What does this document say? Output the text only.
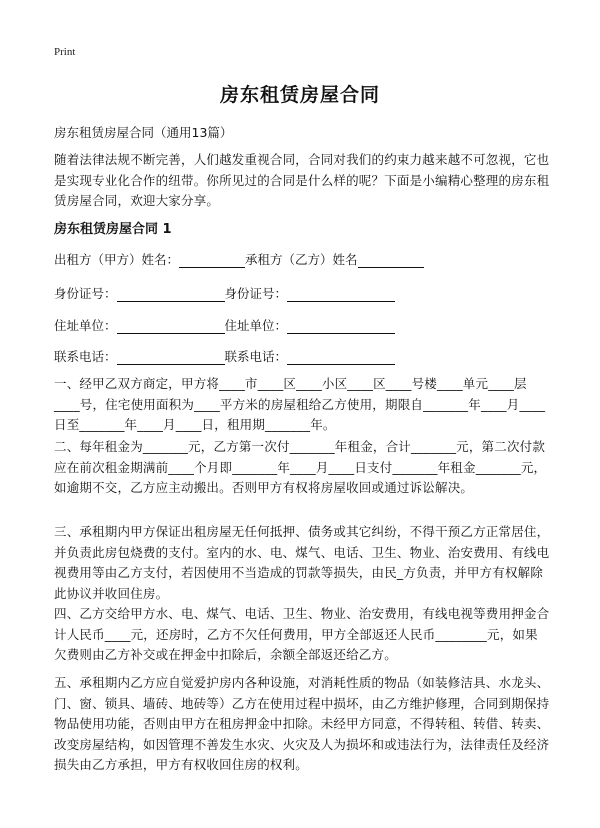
Print
房东租赁房屋合同
房东租赁房屋合同（通用13篇）
随着法律法规不断完善，人们越发重视合同，合同对我们的约束力越来越不可忽视，它也是实现专业化合作的纽带。你所见过的合同是什么样的呢？下面是小编精心整理的房东租赁房屋合同，欢迎大家分享。
房东租赁房屋合同 1
出租方（甲方）姓名：	承租方（乙方）姓名
身份证号：	身份证号：
住址单位：	住址单位：
联系电话：	联系电话：
一、经甲乙双方商定，甲方将____市____区____小区____区____号楼____单元____层____号，住宅使用面积为____平方米的房屋租给乙方使用，期限自_______年____月____日至_______年____月____日，租用期_______年。
二、每年租金为_______元，乙方第一次付_______年租金，合计_______元，第二次付款应在前次租金期满前____个月即_______年____月____日支付_______年租金_______元，如逾期不交，乙方应主动搬出。否则甲方有权将房屋收回或通过诉讼解决。
三、承租期内甲方保证出租房屋无任何抵押、债务或其它纠纷，不得干预乙方正常居住，并负责此房包烧费的支付。室内的水、电、煤气、电话、卫生、物业、治安费用、有线电视费用等由乙方支付，若因使用不当造成的罚款等损失，由民_方负责，并甲方有权解除此协议并收回住房。
四、乙方交给甲方水、电、煤气、电话、卫生、物业、治安费用，有线电视等费用押金合计人民币____元，还房时，乙方不欠任何费用，甲方全部返还人民币________元，如果欠费则由乙方补交或在押金中扣除后，余额全部返还给乙方。
五、承租期内乙方应自觉爱护房内各种设施，对消耗性质的物品（如装修洁具、水龙头、门、窗、锁具、墙砖、地砖等）乙方在使用过程中损坏，由乙方维护修理，合同到期保持物品使用功能，否则由甲方在租房押金中扣除。未经甲方同意，不得转租、转借、转卖、改变房屋结构，如因管理不善发生水灾、火灾及人为损坏和或违法行为，法律责任及经济损失由乙方承担，甲方有权收回住房的权利。
